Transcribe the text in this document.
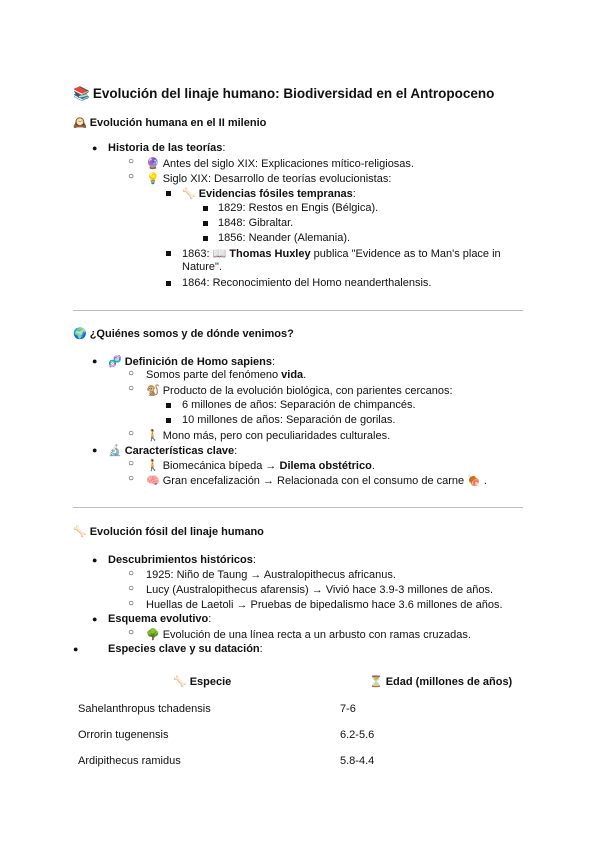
📚 Evolución del linaje humano: Biodiversidad en el Antropoceno
🕰️ Evolución humana en el II milenio
● Historia de las teorías:
○ 🔮 Antes del siglo XIX: Explicaciones mítico-religiosas.
○ 💡 Siglo XIX: Desarrollo de teorías evolucionistas:
🦴 Evidencias fósiles tempranas:
1829: Restos en Engis (Bélgica).
1848: Gibraltar.
1856: Neander (Alemania).
1863: 📖 Thomas Huxley publica "Evidence as to Man's place in
Nature".
1864: Reconocimiento del Homo neanderthalensis.
🌍 ¿Quiénes somos y de dónde venimos?
● 🧬 Definición de Homo sapiens:
○ Somos parte del fenómeno vida.
○ 🐒 Producto de la evolución biológica, con parientes cercanos:
6 millones de años: Separación de chimpancés.
10 millones de años: Separación de gorilas.
○ 🚶 Mono más, pero con peculiaridades culturales.
● 🔬 Características clave:
○ 🚶 Biomecánica bípeda → Dilema obstétrico.
○ 🧠 Gran encefalización → Relacionada con el consumo de carne 🍖 .
🦴 Evolución fósil del linaje humano
● Descubrimientos históricos:
○ 1925: Niño de Taung → Australopithecus africanus.
○ Lucy (Australopithecus afarensis) → Vivió hace 3.9-3 millones de años.
○ Huellas de Laetoli → Pruebas de bipedalismo hace 3.6 millones de años.
● Esquema evolutivo:
○ 🌳 Evolución de una línea recta a un arbusto con ramas cruzadas.
●	Especies clave y su datación:
🦴 Especie	⏳ Edad (millones de años)
Sahelanthropus tchadensis	7-6
Orrorin tugenensis	6.2-5.6
Ardipithecus ramidus	5.8-4.4
